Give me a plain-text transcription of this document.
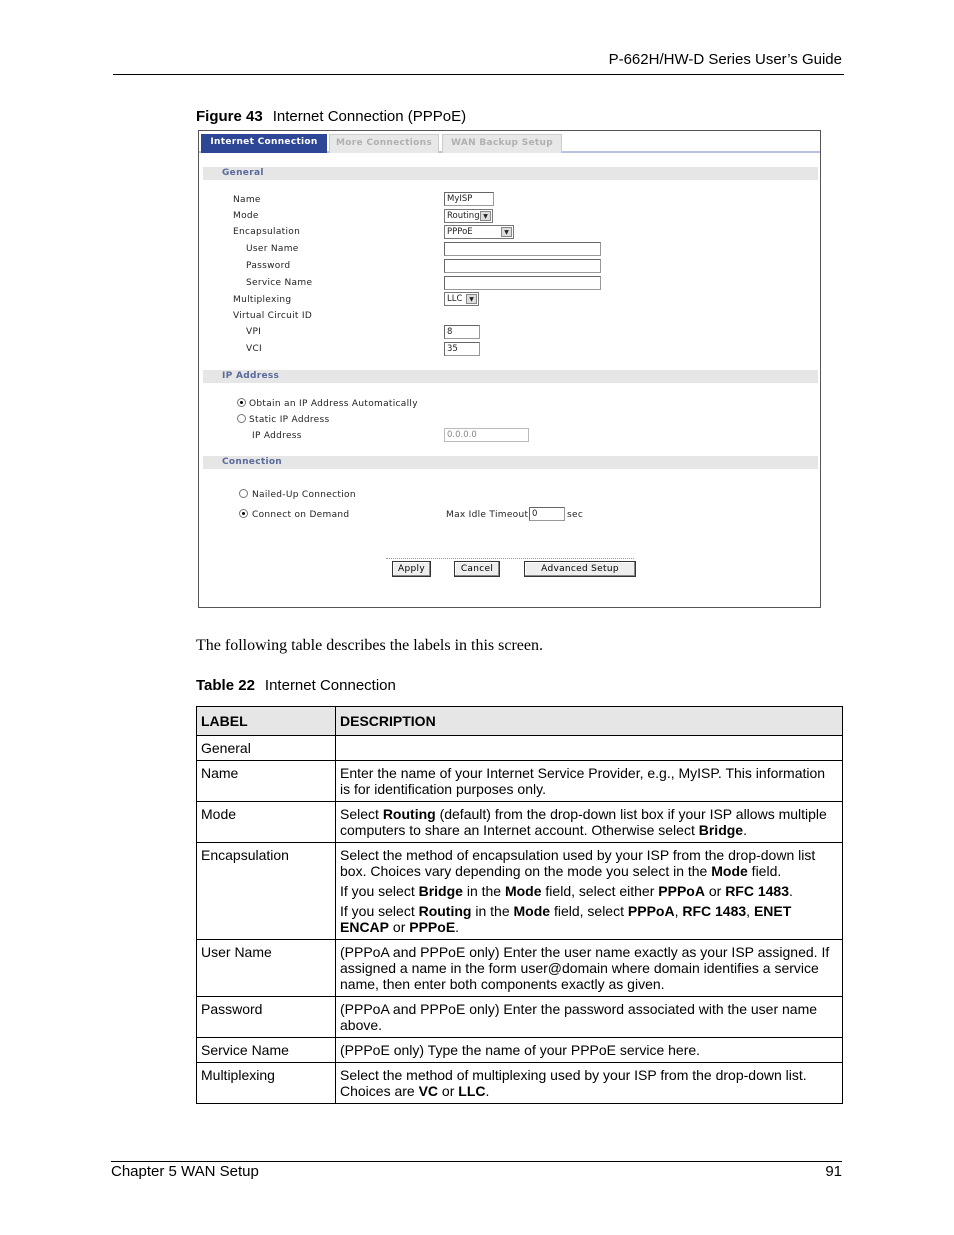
P-662H/HW-D Series User’s Guide
Figure 43 Internet Connection (PPPoE)
Internet Connection	More Connections	WAN Backup Setup
General
Name	MyISP
Mode	Routing ▼
Encapsulation	PPPoE	▼
User Name
Password
Service Name
Multiplexing	LLC	▼
Virtual Circuit ID
VPI	8
VCI	35
IP Address
Obtain an IP Address Automatically
Static IP Address
IP Address	0.0.0.0
Connection
Nailed-Up Connection
Connect on Demand	Max Idle Timeout 0	sec
Apply	Cancel	Advanced Setup
The following table describes the labels in this screen.
Table 22 Internet Connection
LABEL	DESCRIPTION
General	
Name	Enter the name of your Internet Service Provider, e.g., MyISP. This information is for identification purposes only.
Mode	Select Routing (default) from the drop-down list box if your ISP allows multiple computers to share an Internet account. Otherwise select Bridge.
Encapsulation	Select the method of encapsulation used by your ISP from the drop-down list box. Choices vary depending on the mode you select in the Mode field.

If you select Bridge in the Mode field, select either PPPoA or RFC 1483.

If you select Routing in the Mode field, select PPPoA, RFC 1483, ENET ENCAP or PPPoE.

User Name	(PPPoA and PPPoE only) Enter the user name exactly as your ISP assigned. If assigned a name in the form user@domain where domain identifies a service name, then enter both components exactly as given.
Password	(PPPoA and PPPoE only) Enter the password associated with the user name above.
Service Name	(PPPoE only) Type the name of your PPPoE service here.
Multiplexing	Select the method of multiplexing used by your ISP from the drop-down list. Choices are VC or LLC.
Chapter 5 WAN Setup	91
